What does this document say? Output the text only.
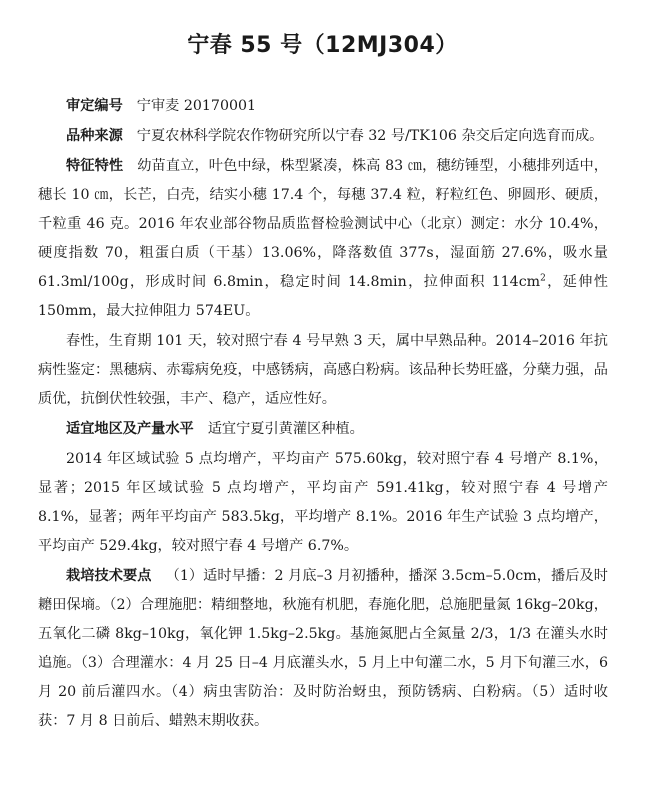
宁春 55 号（12MJ304）

审定编号 宁审麦 20170001

品种来源 宁夏农林科学院农作物研究所以宁春 32 号/TK106 杂交后定向选育而成。

特征特性 幼苗直立，叶色中绿，株型紧凑，株高 83 ㎝，穗纺锤型，小穗排列适中，穗长 10 ㎝，长芒，白壳，结实小穗 17.4 个，每穗 37.4 粒，籽粒红色、卵圆形、硬质，千粒重 46 克。2016 年农业部谷物品质监督检验测试中心（北京）测定：水分 10.4%，硬度指数 70，粗蛋白质（干基）13.06%，降落数值 377s，湿面筋 27.6%，吸水量 61.3ml/100g，形成时间 6.8min，稳定时间 14.8min，拉伸面积 $114cm^2$，延伸性 150mm，最大拉伸阻力 574EU。

春性，生育期 101 天，较对照宁春 4 号早熟 3 天，属中早熟品种。2014–2016 年抗病性鉴定：黑穗病、赤霉病免疫，中感锈病，高感白粉病。该品种长势旺盛，分蘖力强，品质优，抗倒伏性较强，丰产、稳产，适应性好。

适宜地区及产量水平 适宜宁夏引黄灌区种植。

2014 年区域试验 5 点均增产，平均亩产 575.60kg，较对照宁春 4 号增产 8.1%，显著；2015 年区域试验 5 点均增产，平均亩产 591.41kg，较对照宁春 4 号增产 8.1%，显著；两年平均亩产 583.5kg，平均增产 8.1%。2016 年生产试验 3 点均增产，平均亩产 529.4kg，较对照宁春 4 号增产 6.7%。

栽培技术要点 （1）适时早播：2 月底–3 月初播种，播深 3.5cm–5.0cm，播后及时耱田保墒。（2）合理施肥：精细整地，秋施有机肥，春施化肥，总施肥量氮 16kg–20kg，五氧化二磷 8kg–10kg，氧化钾 1.5kg–2.5kg。基施氮肥占全氮量 2/3，1/3 在灌头水时追施。（3）合理灌水：4 月 25 日–4 月底灌头水，5 月上中旬灌二水，5 月下旬灌三水，6 月 20 前后灌四水。（4）病虫害防治：及时防治蚜虫，预防锈病、白粉病。（5）适时收获：7 月 8 日前后、蜡熟末期收获。
